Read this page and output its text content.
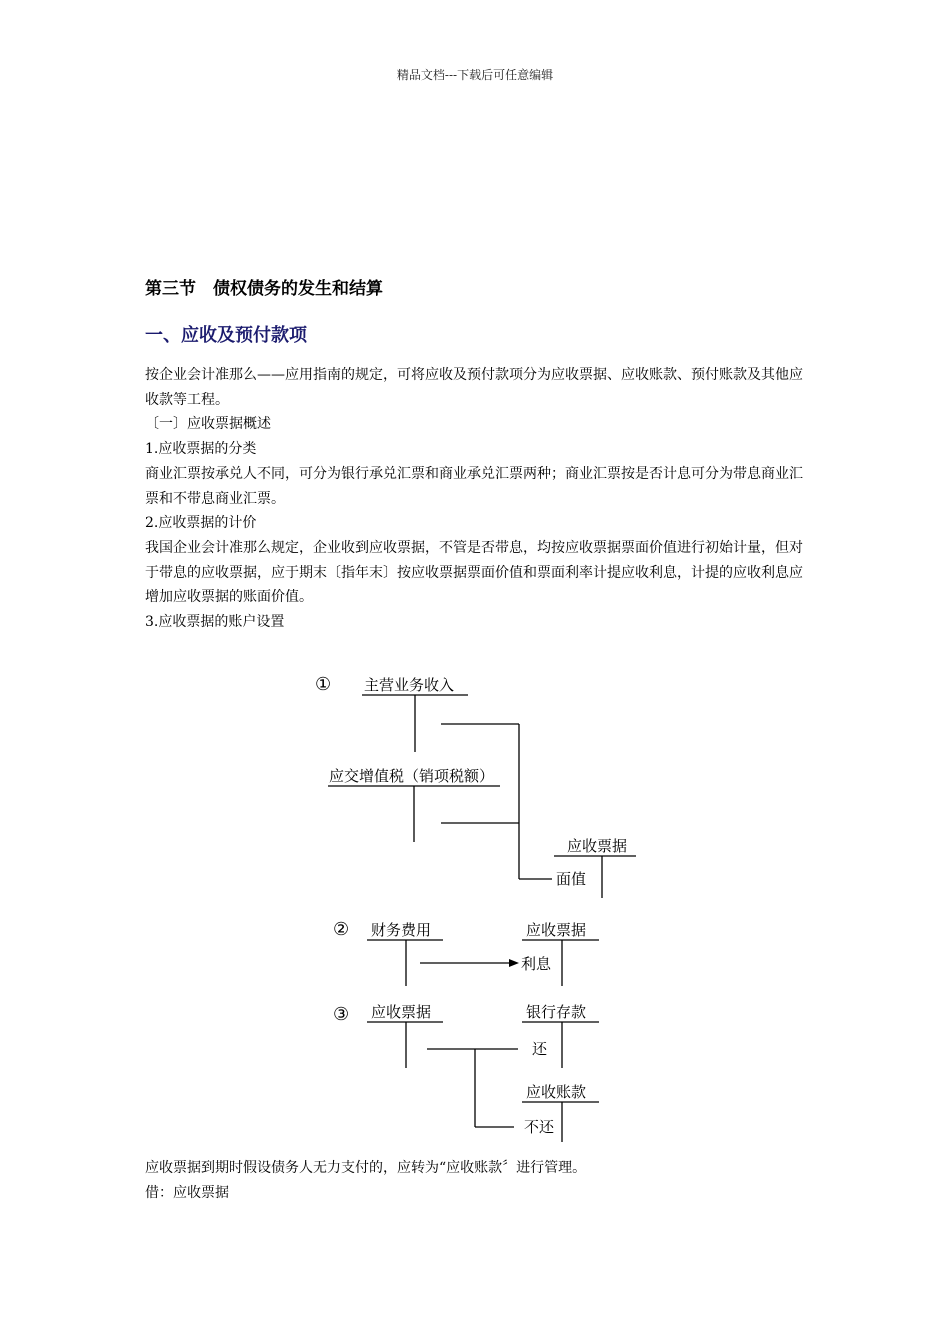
精品文档---下载后可任意编辑
第三节　债权债务的发生和结算
一、应收及预付款项

按企业会计准那么——应用指南的规定，可将应收及预付款项分为应收票据、应收账款、预付账款及其他应收款等工程。

〔一〕应收票据概述

1.应收票据的分类

商业汇票按承兑人不同，可分为银行承兑汇票和商业承兑汇票两种；商业汇票按是否计息可分为带息商业汇票和不带息商业汇票。

2.应收票据的计价

我国企业会计准那么规定，企业收到应收票据，不管是否带息，均按应收票据票面价值进行初始计量，但对于带息的应收票据，应于期末〔指年末〕按应收票据票面价值和票面利率计提应收利息，计提的应收利息应增加应收票据的账面价值。

3.应收票据的账户设置

① 主营业务收入
应交增值税（销项税额）
应收票据
面值
② 财务费用	应收票据
利息
③ 应收票据	银行存款
还
应收账款
不还

应收票据到期时假设债务人无力支付的，应转为“应收账款〞进行管理。

借：应收票据
